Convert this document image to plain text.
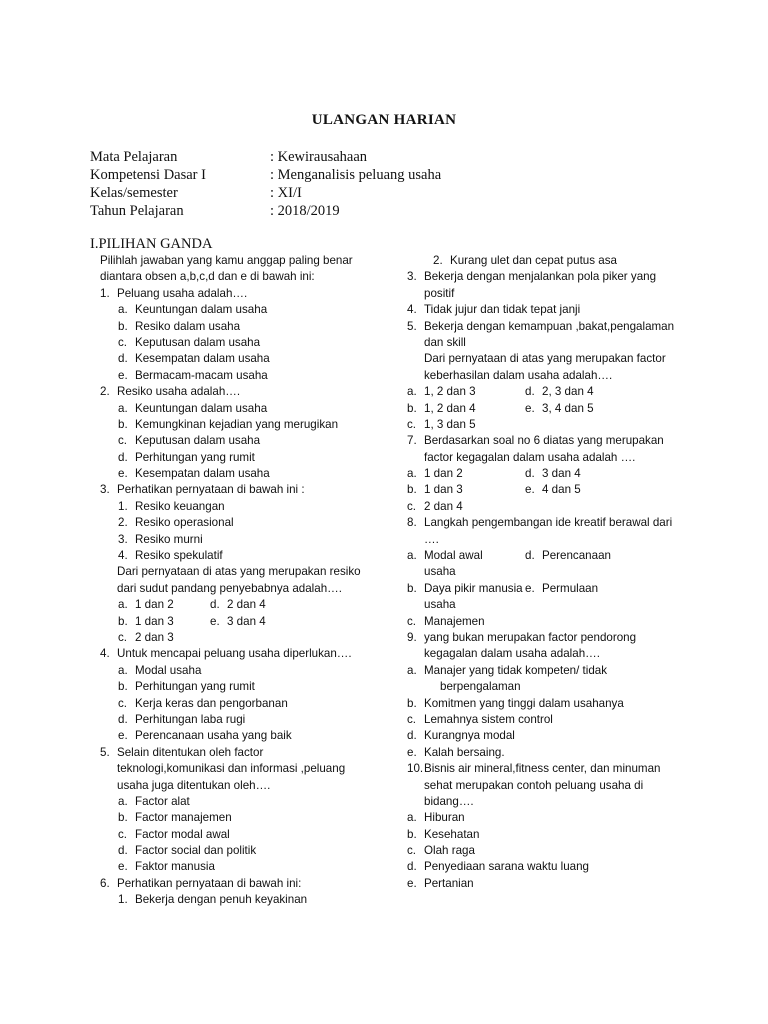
ULANGAN HARIAN
Mata Pelajaran	: Kewirausahaan
Kompetensi Dasar I	: Menganalisis peluang usaha
Kelas/semester	: XI/I
Tahun Pelajaran	: 2018/2019
I.PILIHAN GANDA
Pilihlah jawaban yang kamu anggap paling benar
diantara obsen a,b,c,d dan e di bawah ini:
1. Peluang usaha adalah….
a. Keuntungan dalam usaha
b. Resiko dalam usaha
c. Keputusan dalam usaha
d. Kesempatan dalam usaha
e. Bermacam-macam usaha
2. Resiko usaha adalah….
a. Keuntungan dalam usaha
b. Kemungkinan kejadian yang merugikan
c. Keputusan dalam usaha
d. Perhitungan yang rumit
e. Kesempatan dalam usaha
3. Perhatikan pernyataan di bawah ini :
1. Resiko keuangan
2. Resiko operasional
3. Resiko murni
4. Resiko spekulatif
Dari pernyataan di atas yang merupakan resiko
dari sudut pandang penyebabnya adalah….
a. 1 dan 2	d. 2 dan 4
b. 1 dan 3	e. 3 dan 4
c. 2 dan 3
4. Untuk mencapai peluang usaha diperlukan….
a. Modal usaha
b. Perhitungan yang rumit
c. Kerja keras dan pengorbanan
d. Perhitungan laba rugi
e. Perencanaan usaha yang baik
5. Selain ditentukan oleh factor
teknologi,komunikasi dan informasi ,peluang
usaha juga ditentukan oleh….
a. Factor alat
b. Factor manajemen
c. Factor modal awal
d. Factor social dan politik
e. Faktor manusia
6. Perhatikan pernyataan di bawah ini:
1. Bekerja dengan penuh keyakinan
2. Kurang ulet dan cepat putus asa
3. Bekerja dengan menjalankan pola piker yang
positif
4. Tidak jujur dan tidak tepat janji
5. Bekerja dengan kemampuan ,bakat,pengalaman
dan skill
Dari pernyataan di atas yang merupakan factor
keberhasilan dalam usaha adalah….
a. 1, 2 dan 3	d. 2, 3 dan 4
b. 1, 2 dan 4	e. 3, 4 dan 5
c. 1, 3 dan 5
7. Berdasarkan soal no 6 diatas yang merupakan
factor kegagalan dalam usaha adalah ….
a. 1 dan 2	d. 3 dan 4
b. 1 dan 3	e. 4 dan 5
c. 2 dan 4
8. Langkah pengembangan ide kreatif berawal dari
….
a. Modal awal	d. Perencanaan
usaha
b. Daya pikir manusia e. Permulaan
usaha
c. Manajemen
9. yang bukan merupakan factor pendorong
kegagalan dalam usaha adalah….
a. Manajer yang tidak kompeten/ tidak
berpengalaman
b. Komitmen yang tinggi dalam usahanya
c. Lemahnya sistem control
d. Kurangnya modal
e. Kalah bersaing.
10. Bisnis air mineral,fitness center, dan minuman
sehat merupakan contoh peluang usaha di
bidang….
a. Hiburan
b. Kesehatan
c. Olah raga
d. Penyediaan sarana waktu luang
e. Pertanian
